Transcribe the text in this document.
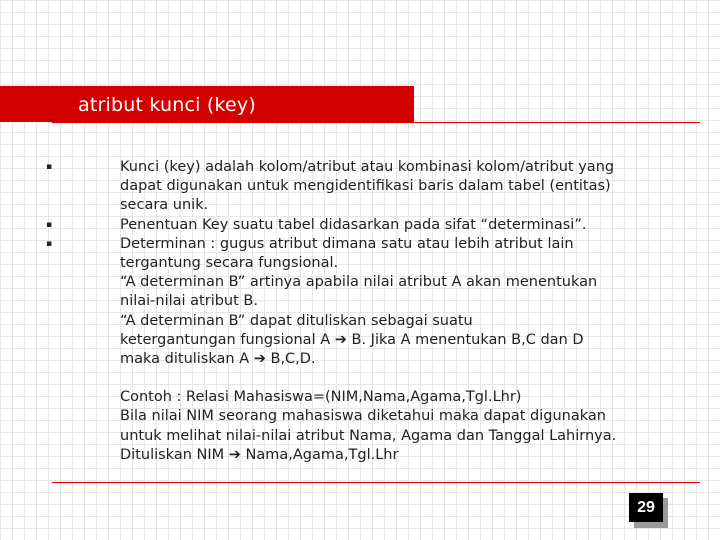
atribut kunci (key)
▪
▪
▪
Kunci (key) adalah kolom/atribut atau kombinasi kolom/atribut yang
dapat digunakan untuk mengidentifikasi baris dalam tabel (entitas)
secara unik.
Penentuan Key suatu tabel didasarkan pada sifat “determinasi”.
Determinan : gugus atribut dimana satu atau lebih atribut lain
tergantung secara fungsional.
“A determinan B” artinya apabila nilai atribut A akan menentukan
nilai-nilai atribut B.
“A determinan B” dapat dituliskan sebagai suatu
ketergantungan fungsional A ➔ B. Jika A menentukan B,C dan D
maka dituliskan A ➔ B,C,D.
Contoh : Relasi Mahasiswa=(NIM,Nama,Agama,Tgl.Lhr)
Bila nilai NIM seorang mahasiswa diketahui maka dapat digunakan
untuk melihat nilai-nilai atribut Nama, Agama dan Tanggal Lahirnya.
Dituliskan NIM ➔ Nama,Agama,Tgl.Lhr
29
